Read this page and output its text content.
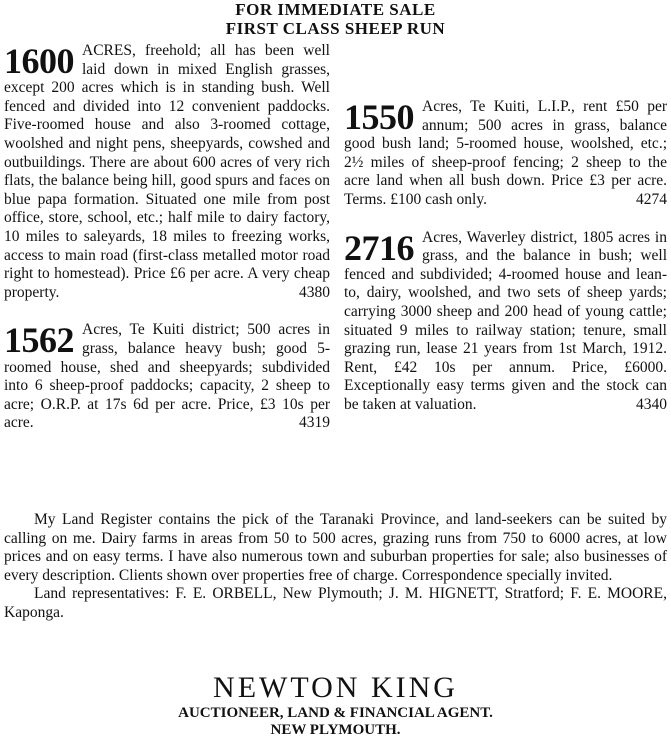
FOR IMMEDIATE SALE
FIRST CLASS SHEEP RUN
1600 ACRES, freehold; all has been well laid down in mixed English grasses, except 200 acres which is in standing bush. Well fenced and divided into 12 convenient paddocks. Five-roomed house and also 3-roomed cottage, woolshed and night pens, sheepyards, cowshed and outbuildings. There are about 600 acres of very rich flats, the balance being hill, good spurs and faces on blue papa formation. Situated one mile from post office, store, school, etc.; half mile to dairy factory, 10 miles to saleyards, 18 miles to freezing works, access to main road (first-class metalled motor road right to homestead). Price £6 per acre. A very cheap property.	4380

1562 Acres, Te Kuiti district; 500 acres in grass, balance heavy bush; good 5-roomed house, shed and sheepyards; subdivided into 6 sheep-proof paddocks; capacity, 2 sheep to acre; O.R.P. at 17s 6d per acre. Price, £3 10s per acre.	4319

1550 Acres, Te Kuiti, L.I.P., rent £50 per annum; 500 acres in grass, balance good bush land; 5-roomed house, woolshed, etc.; 2½ miles of sheep-proof fencing; 2 sheep to the acre land when all bush down. Price £3 per acre. Terms. £100 cash only.	4274

2716 Acres, Waverley district, 1805 acres in grass, and the balance in bush; well fenced and subdivided; 4-roomed house and lean-to, dairy, woolshed, and two sets of sheep yards; carrying 3000 sheep and 200 head of young cattle; situated 9 miles to railway station; tenure, small grazing run, lease 21 years from 1st March, 1912. Rent, £42 10s per annum. Price, £6000. Exceptionally easy terms given and the stock can be taken at valuation.	4340

My Land Register contains the pick of the Taranaki Province, and land-seekers can be suited by calling on me. Dairy farms in areas from 50 to 500 acres, grazing runs from 750 to 6000 acres, at low prices and on easy terms. I have also numerous town and suburban properties for sale; also businesses of every description. Clients shown over properties free of charge. Correspondence specially invited.

Land representatives: F. E. ORBELL, New Plymouth; J. M. HIGNETT, Stratford; F. E. MOORE, Kaponga.

NEWTON KING
AUCTIONEER, LAND & FINANCIAL AGENT.
NEW PLYMOUTH.
